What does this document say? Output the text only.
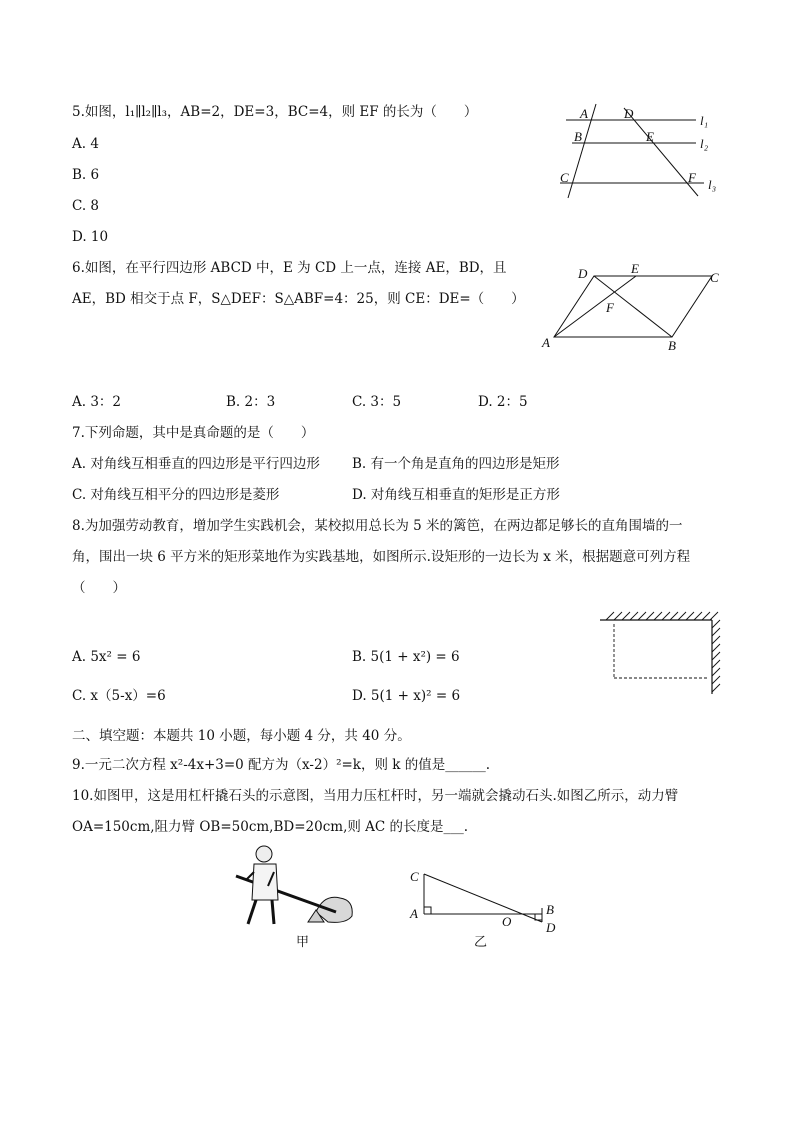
5.如图，l₁∥l₂∥l₃，AB=2，DE=3，BC=4，则 EF 的长为（　　）
A. 4
B. 6
C. 8
D. 10
A
B
C
D
E
F
l₁
l₂
l₃
6.如图，在平行四边形 ABCD 中，E 为 CD 上一点，连接 AE，BD，且
AE，BD 相交于点 F，S△DEF：S△ABF=4：25，则 CE：DE=（　　）
A	B
C
D	E
F
A. 3：2	B. 2：3	C. 3：5	D. 2：5
7.下列命题，其中是真命题的是（　　）
A. 对角线互相垂直的四边形是平行四边形 B. 有一个角是直角的四边形是矩形
C. 对角线互相平分的四边形是菱形	D. 对角线互相垂直的矩形是正方形
8.为加强劳动教育，增加学生实践机会，某校拟用总长为 5 米的篱笆，在两边都足够长的直角围墙的一
角，围出一块 6 平方米的矩形菜地作为实践基地，如图所示.设矩形的一边长为 x 米，根据题意可列方程
（　　）
A. 5x² = 6	B. 5(1 + x²) = 6
C. x（5-x）=6	D. 5(1 + x)² = 6
二、填空题：本题共 10 小题，每小题 4 分，共 40 分。
9.一元二次方程 x²-4x+3=0 配方为（x-2）²=k，则 k 的值是______.
10.如图甲，这是用杠杆撬石头的示意图，当用力压杠杆时，另一端就会撬动石头.如图乙所示，动力臂
OA=150cm,阻力臂 OB=50cm,BD=20cm,则 AC 的长度是___.
甲
C
A
O
B
D
乙
